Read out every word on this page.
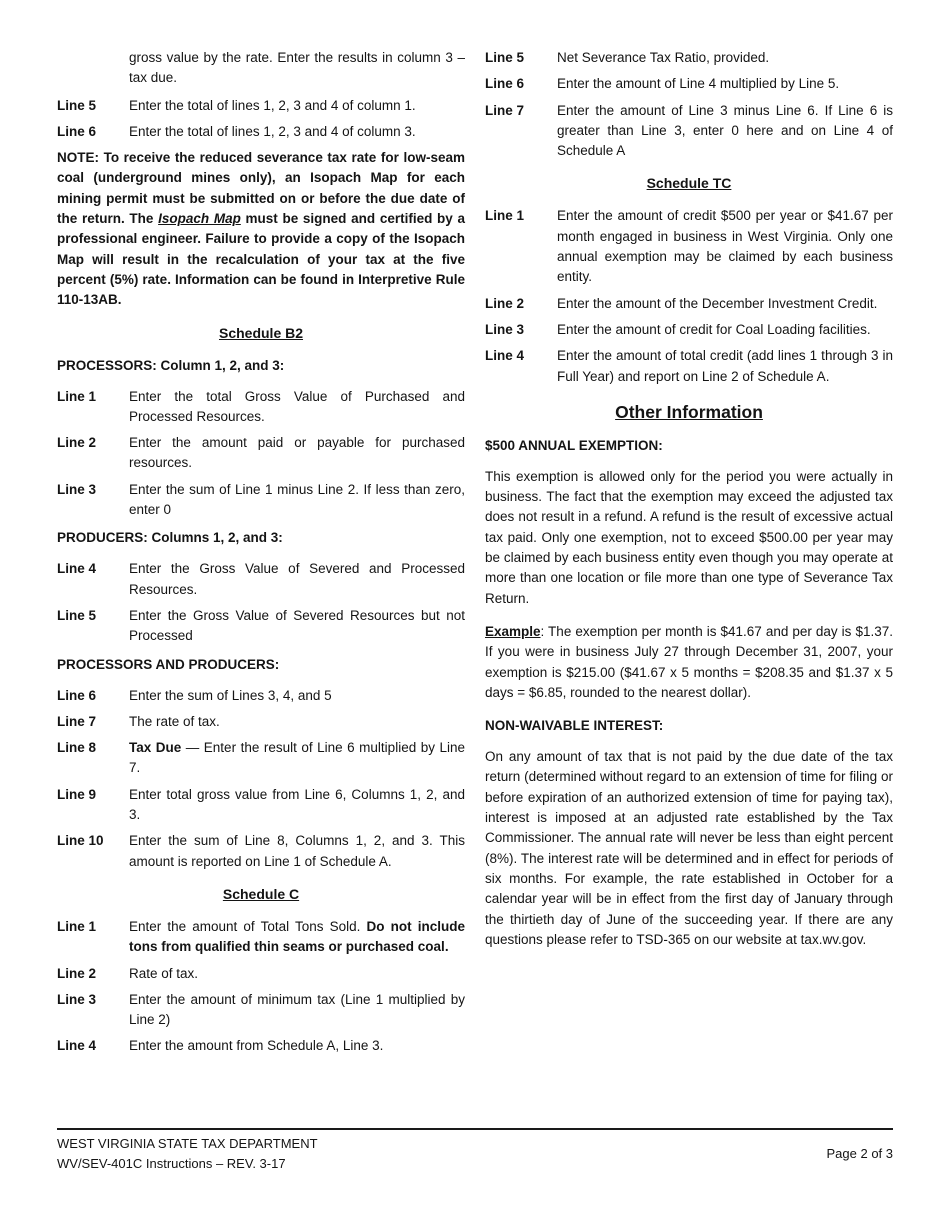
gross value by the rate. Enter the results in column 3 – tax due.

Line 5	Enter the total of lines 1, 2, 3 and 4 of column 1.
Line 6	Enter the total of lines 1, 2, 3 and 4 of column 3.

NOTE: To receive the reduced severance tax rate for low-seam coal (underground mines only), an Isopach Map for each mining permit must be submitted on or before the due date of the return. The Isopach Map must be signed and certified by a professional engineer. Failure to provide a copy of the Isopach Map will result in the recalculation of your tax at the five percent (5%) rate. Information can be found in Interpretive Rule 110-13AB.

Schedule B2
PROCESSORS: Column 1, 2, and 3:
Line 1	Enter the total Gross Value of Purchased and Processed Resources.
Line 2	Enter the amount paid or payable for purchased resources.
Line 3	Enter the sum of Line 1 minus Line 2. If less than zero, enter 0
PRODUCERS: Columns 1, 2, and 3:
Line 4	Enter the Gross Value of Severed and Processed Resources.
Line 5	Enter the Gross Value of Severed Resources but not Processed
PROCESSORS AND PRODUCERS:
Line 6	Enter the sum of Lines 3, 4, and 5
Line 7	The rate of tax.
Line 8	Tax Due — Enter the result of Line 6 multiplied by Line 7.
Line 9	Enter total gross value from Line 6, Columns 1, 2, and 3.
Line 10	Enter the sum of Line 8, Columns 1, 2, and 3. This amount is reported on Line 1 of Schedule A.
Schedule C
Line 1	Enter the amount of Total Tons Sold. Do not include tons from qualified thin seams or purchased coal.
Line 2	Rate of tax.
Line 3	Enter the amount of minimum tax (Line 1 multiplied by Line 2)
Line 4	Enter the amount from Schedule A, Line 3.
Line 5	Net Severance Tax Ratio, provided.
Line 6	Enter the amount of Line 4 multiplied by Line 5.
Line 7	Enter the amount of Line 3 minus Line 6. If Line 6 is greater than Line 3, enter 0 here and on Line 4 of Schedule A
Schedule TC
Line 1	Enter the amount of credit $500 per year or $41.67 per month engaged in business in West Virginia. Only one annual exemption may be claimed by each business entity.
Line 2	Enter the amount of the December Investment Credit.
Line 3	Enter the amount of credit for Coal Loading facilities.
Line 4	Enter the amount of total credit (add lines 1 through 3 in Full Year) and report on Line 2 of Schedule A.
Other Information
$500 ANNUAL EXEMPTION:

This exemption is allowed only for the period you were actually in business. The fact that the exemption may exceed the adjusted tax does not result in a refund. A refund is the result of excessive actual tax paid. Only one exemption, not to exceed $500.00 per year may be claimed by each business entity even though you may operate at more than one location or file more than one type of Severance Tax Return.

Example: The exemption per month is $41.67 and per day is $1.37. If you were in business July 27 through December 31, 2007, your exemption is $215.00 ($41.67 x 5 months = $208.35 and $1.37 x 5 days = $6.85, rounded to the nearest dollar).

NON-WAIVABLE INTEREST:

On any amount of tax that is not paid by the due date of the tax return (determined without regard to an extension of time for filing or before expiration of an authorized extension of time for paying tax), interest is imposed at an adjusted rate established by the Tax Commissioner. The annual rate will never be less than eight percent (8%). The interest rate will be determined and in effect for periods of six months. For example, the rate established in October for a calendar year will be in effect from the first day of January through the thirtieth day of June of the succeeding year. If there are any questions please refer to TSD-365 on our website at tax.wv.gov.

WEST VIRGINIA STATE TAX DEPARTMENT
WV/SEV-401C Instructions – REV. 3-17
Page 2 of 3
